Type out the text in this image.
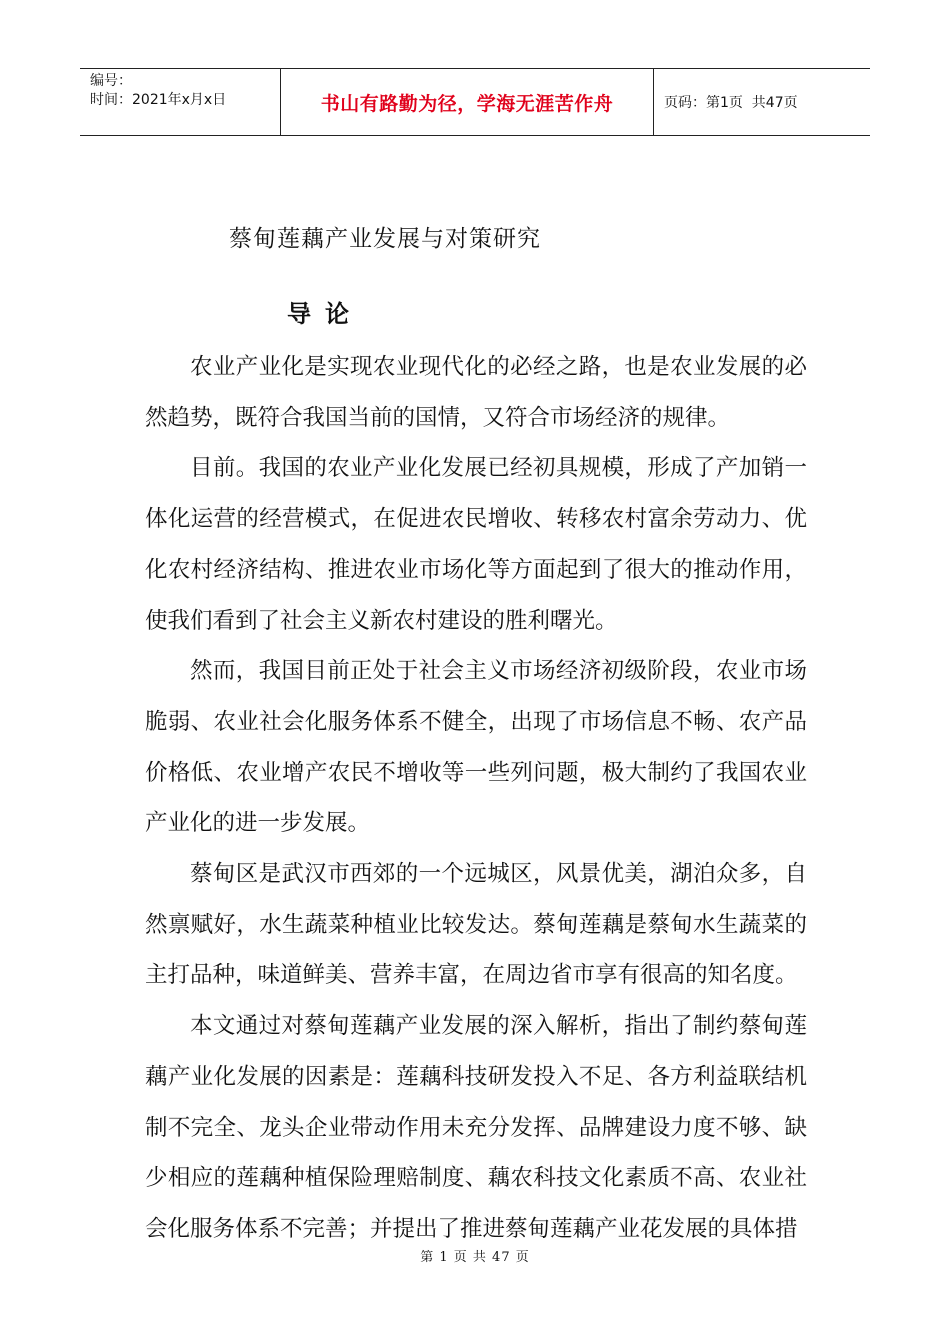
编号：
时间：2021年x月x日	书山有路勤为径，学海无涯苦作舟	页码：第1页  共47页
蔡甸莲藕产业发展与对策研究
导论

农业产业化是实现农业现代化的必经之路，也是农业发展的必然趋势，既符合我国当前的国情，又符合市场经济的规律。

目前。我国的农业产业化发展已经初具规模，形成了产加销一体化运营的经营模式，在促进农民增收、转移农村富余劳动力、优化农村经济结构、推进农业市场化等方面起到了很大的推动作用，使我们看到了社会主义新农村建设的胜利曙光。

然而，我国目前正处于社会主义市场经济初级阶段，农业市场脆弱、农业社会化服务体系不健全，出现了市场信息不畅、农产品价格低、农业增产农民不增收等一些列问题，极大制约了我国农业产业化的进一步发展。

蔡甸区是武汉市西郊的一个远城区，风景优美，湖泊众多，自然禀赋好，水生蔬菜种植业比较发达。蔡甸莲藕是蔡甸水生蔬菜的主打品种，味道鲜美、营养丰富，在周边省市享有很高的知名度。

本文通过对蔡甸莲藕产业发展的深入解析，指出了制约蔡甸莲藕产业化发展的因素是：莲藕科技研发投入不足、各方利益联结机制不完全、龙头企业带动作用未充分发挥、品牌建设力度不够、缺少相应的莲藕种植保险理赔制度、藕农科技文化素质不高、农业社会化服务体系不完善；并提出了推进蔡甸莲藕产业花发展的具体措

第 1 页 共 47 页
